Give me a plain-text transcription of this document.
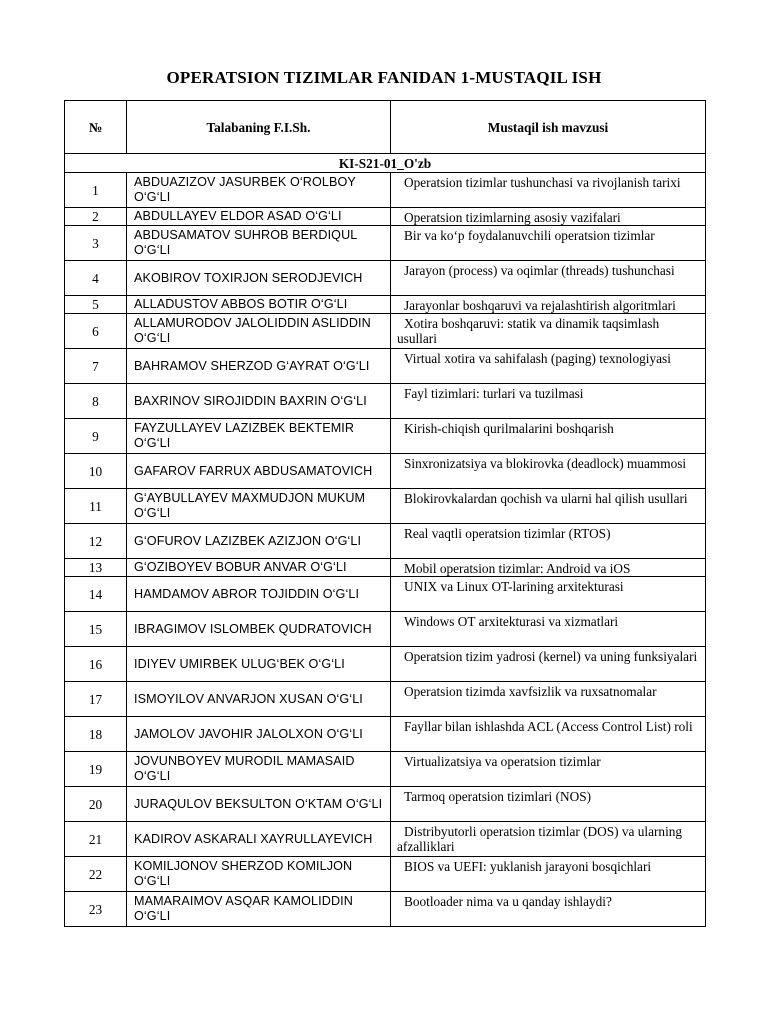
OPERATSION TIZIMLAR FANIDAN 1-MUSTAQIL ISH
№	Talabaning F.I.Sh.	Mustaqil ish mavzusi
KI-S21-01_O'zb		
1	ABDUAZIZOV JASURBEK O‘ROLBOY O‘G‘LI	Operatsion tizimlar tushunchasi va rivojlanish tarixi

2	ABDULLAYEV ELDOR ASAD O‘G‘LI	Operatsion tizimlarning asosiy vazifalari

3	ABDUSAMATOV SUHROB BERDIQUL O‘G‘LI	Bir va ko‘p foydalanuvchili operatsion tizimlar

4	AKOBIROV TOXIRJON SERODJEVICH	Jarayon (process) va oqimlar (threads) tushunchasi

5	ALLADUSTOV ABBOS BOTIR O‘G‘LI	Jarayonlar boshqaruvi va rejalashtirish algoritmlari

6	ALLAMURODOV JALOLIDDIN ASLIDDIN O‘G‘LI	Xotira boshqaruvi: statik va dinamik taqsimlash usullari

7	BAHRAMOV SHERZOD G‘AYRAT O‘G‘LI	Virtual xotira va sahifalash (paging) texnologiyasi

8	BAXRINOV SIROJIDDIN BAXRIN O‘G‘LI	Fayl tizimlari: turlari va tuzilmasi

9	FAYZULLAYEV LAZIZBEK BEKTEMIR O‘G‘LI	Kirish-chiqish qurilmalarini boshqarish

10	GAFAROV FARRUX ABDUSAMATOVICH	Sinxronizatsiya va blokirovka (deadlock) muammosi

11	G‘AYBULLAYEV MAXMUDJON MUKUM O‘G‘LI	Blokirovkalardan qochish va ularni hal qilish usullari

12	G‘OFUROV LAZIZBEK AZIZJON O‘G‘LI	Real vaqtli operatsion tizimlar (RTOS)

13	G‘OZIBOYEV BOBUR ANVAR O‘G‘LI	Mobil operatsion tizimlar: Android va iOS

14	HAMDAMOV ABROR TOJIDDIN O‘G‘LI	UNIX va Linux OT-larining arxitekturasi

15	IBRAGIMOV ISLOMBEK QUDRATOVICH	Windows OT arxitekturasi va xizmatlari

16	IDIYEV UMIRBEK ULUG‘BEK O‘G‘LI	Operatsion tizim yadrosi (kernel) va uning funksiyalari

17	ISMOYILOV ANVARJON XUSAN O‘G‘LI	Operatsion tizimda xavfsizlik va ruxsatnomalar

18	JAMOLOV JAVOHIR JALOLXON O‘G‘LI	Fayllar bilan ishlashda ACL (Access Control List) roli

19	JOVUNBOYEV MURODIL MAMASAID O‘G‘LI	Virtualizatsiya va operatsion tizimlar

20	JURAQULOV BEKSULTON O‘KTAM O‘G‘LI	Tarmoq operatsion tizimlari (NOS)

21	KADIROV ASKARALI XAYRULLAYEVICH	Distribyutorli operatsion tizimlar (DOS) va ularning afzalliklari

22	KOMILJONOV SHERZOD KOMILJON O‘G‘LI	BIOS va UEFI: yuklanish jarayoni bosqichlari

23	MAMARAIMOV ASQAR KAMOLIDDIN O‘G‘LI	Bootloader nima va u qanday ishlaydi?
